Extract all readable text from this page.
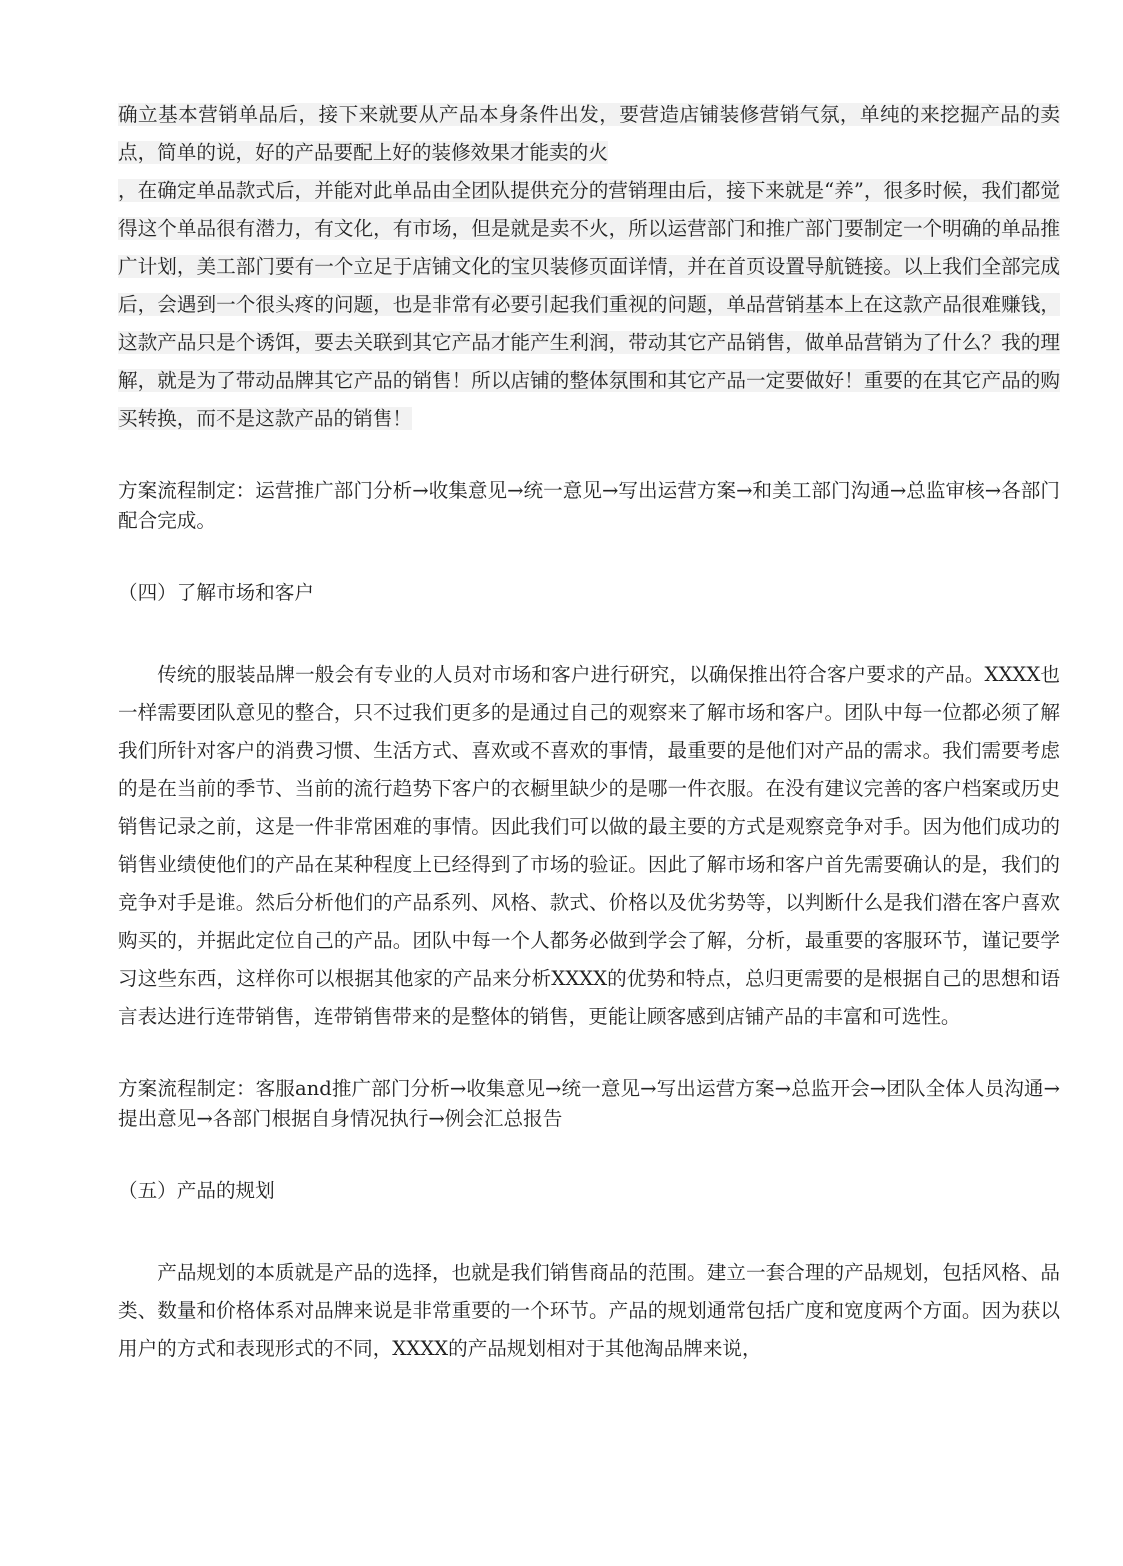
确立基本营销单品后，接下来就要从产品本身条件出发，要营造店铺装修营销气氛，单纯的来挖掘产品的卖点，简单的说，好的产品要配上好的装修效果才能卖的火

，在确定单品款式后，并能对此单品由全团队提供充分的营销理由后，接下来就是“养”，很多时候，我们都觉得这个单品很有潜力，有文化，有市场，但是就是卖不火，所以运营部门和推广部门要制定一个明确的单品推广计划，美工部门要有一个立足于店铺文化的宝贝装修页面详情，并在首页设置导航链接。以上我们全部完成后，会遇到一个很头疼的问题，也是非常有必要引起我们重视的问题，单品营销基本上在这款产品很难赚钱，这款产品只是个诱饵，要去关联到其它产品才能产生利润，带动其它产品销售，做单品营销为了什么？我的理解，就是为了带动品牌其它产品的销售！所以店铺的整体氛围和其它产品一定要做好！重要的在其它产品的购买转换，而不是这款产品的销售！

方案流程制定：运营推广部门分析→收集意见→统一意见→写出运营方案→和美工部门沟通→总监审核→各部门配合完成。

（四）了解市场和客户

传统的服装品牌一般会有专业的人员对市场和客户进行研究，以确保推出符合客户要求的产品。XXXX也一样需要团队意见的整合，只不过我们更多的是通过自己的观察来了解市场和客户。团队中每一位都必须了解我们所针对客户的消费习惯、生活方式、喜欢或不喜欢的事情，最重要的是他们对产品的需求。我们需要考虑的是在当前的季节、当前的流行趋势下客户的衣橱里缺少的是哪一件衣服。在没有建议完善的客户档案或历史销售记录之前，这是一件非常困难的事情。因此我们可以做的最主要的方式是观察竞争对手。因为他们成功的销售业绩使他们的产品在某种程度上已经得到了市场的验证。因此了解市场和客户首先需要确认的是，我们的竞争对手是谁。然后分析他们的产品系列、风格、款式、价格以及优劣势等，以判断什么是我们潜在客户喜欢购买的，并据此定位自己的产品。团队中每一个人都务必做到学会了解，分析，最重要的客服环节，谨记要学习这些东西，这样你可以根据其他家的产品来分析XXXX的优势和特点，总归更需要的是根据自己的思想和语言表达进行连带销售，连带销售带来的是整体的销售，更能让顾客感到店铺产品的丰富和可选性。

方案流程制定：客服and推广部门分析→收集意见→统一意见→写出运营方案→总监开会→团队全体人员沟通→提出意见→各部门根据自身情况执行→例会汇总报告

（五）产品的规划

产品规划的本质就是产品的选择，也就是我们销售商品的范围。建立一套合理的产品规划，包括风格、品类、数量和价格体系对品牌来说是非常重要的一个环节。产品的规划通常包括广度和宽度两个方面。因为获以用户的方式和表现形式的不同，XXXX的产品规划相对于其他淘品牌来说，
